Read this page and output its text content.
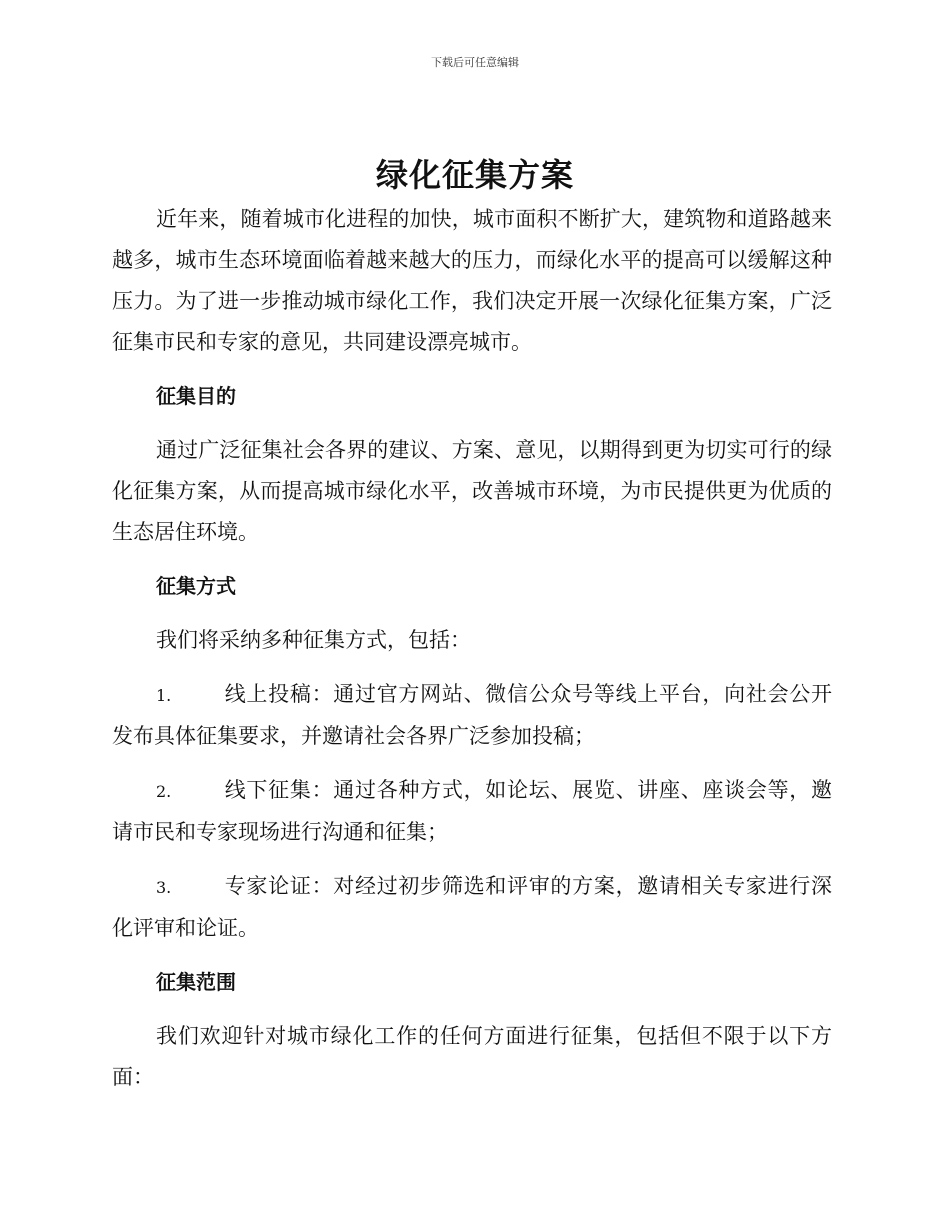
下载后可任意编辑
绿化征集方案

近年来，随着城市化进程的加快，城市面积不断扩大，建筑物和道路越来越多，城市生态环境面临着越来越大的压力，而绿化水平的提高可以缓解这种压力。为了进一步推动城市绿化工作，我们决定开展一次绿化征集方案，广泛征集市民和专家的意见，共同建设漂亮城市。

征集目的

通过广泛征集社会各界的建议、方案、意见，以期得到更为切实可行的绿化征集方案，从而提高城市绿化水平，改善城市环境，为市民提供更为优质的生态居住环境。

征集方式

我们将采纳多种征集方式，包括：

1.	线上投稿：通过官方网站、微信公众号等线上平台，向社会公开发布具体征集要求，并邀请社会各界广泛参加投稿；

2.	线下征集：通过各种方式，如论坛、展览、讲座、座谈会等，邀请市民和专家现场进行沟通和征集；

3.	专家论证：对经过初步筛选和评审的方案，邀请相关专家进行深化评审和论证。

征集范围

我们欢迎针对城市绿化工作的任何方面进行征集，包括但不限于以下方面：
